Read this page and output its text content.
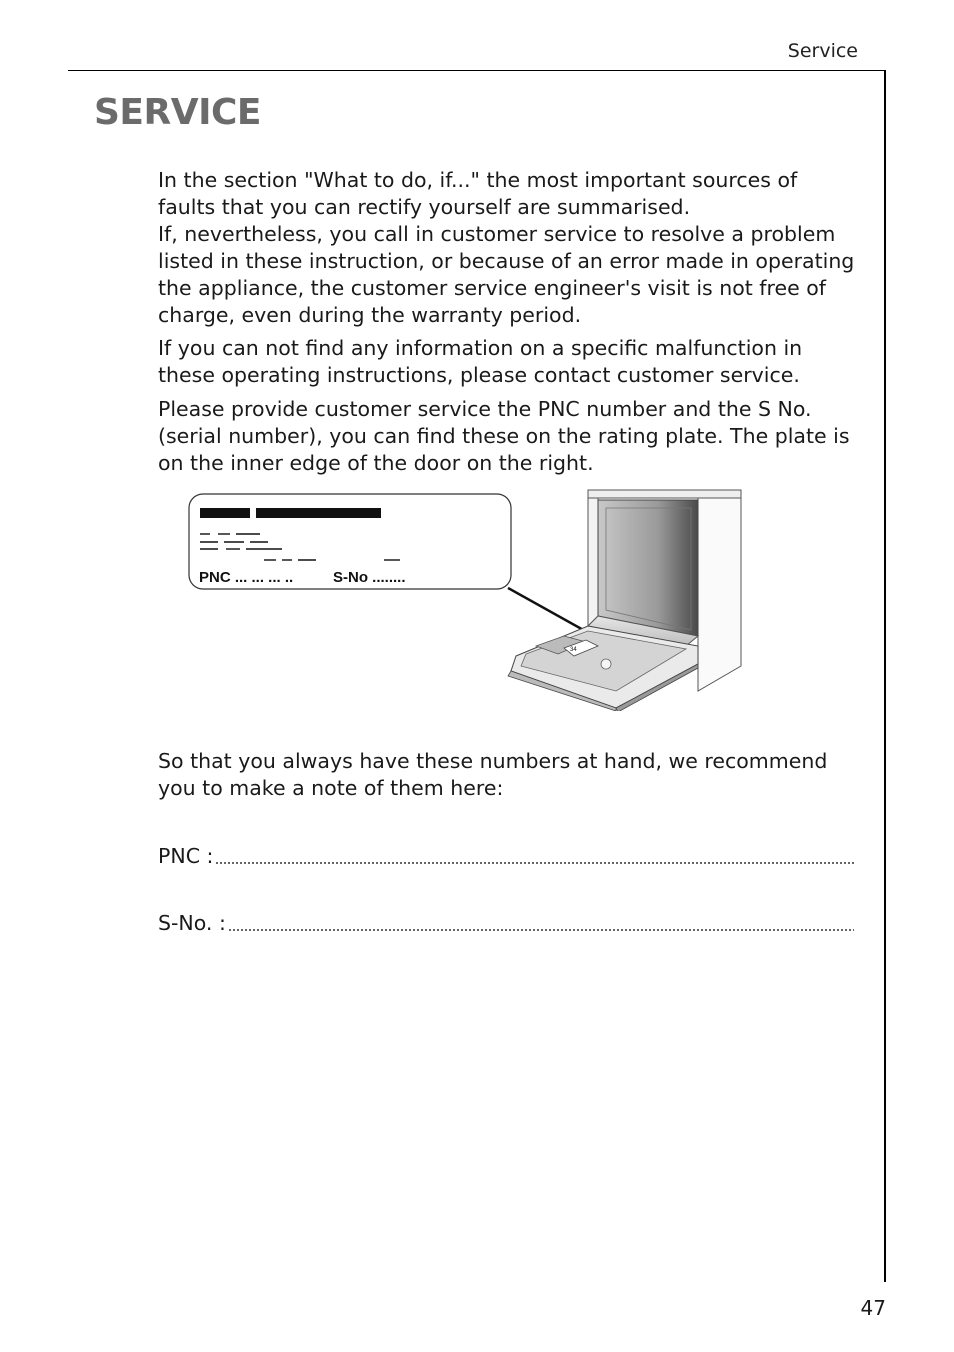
Service
SERVICE

In the section "What to do, if..." the most important sources of faults that you can rectify yourself are summarised.

If, nevertheless, you call in customer service to resolve a problem listed in these instruction, or because of an error made in operating the appliance, the customer service engineer's visit is not free of charge, even during the warranty period.

If you can not find any information on a specific malfunction in these operating instructions, please contact customer service.

Please provide customer service the PNC number and the S No. (serial number), you can find these on the rating plate. The plate is on the inner edge of the door on the right.

PNC ... ... ... ..	S-No ........
34

So that you always have these numbers at hand, we recommend you to make a note of them here:

PNC :
S-No. :
47
